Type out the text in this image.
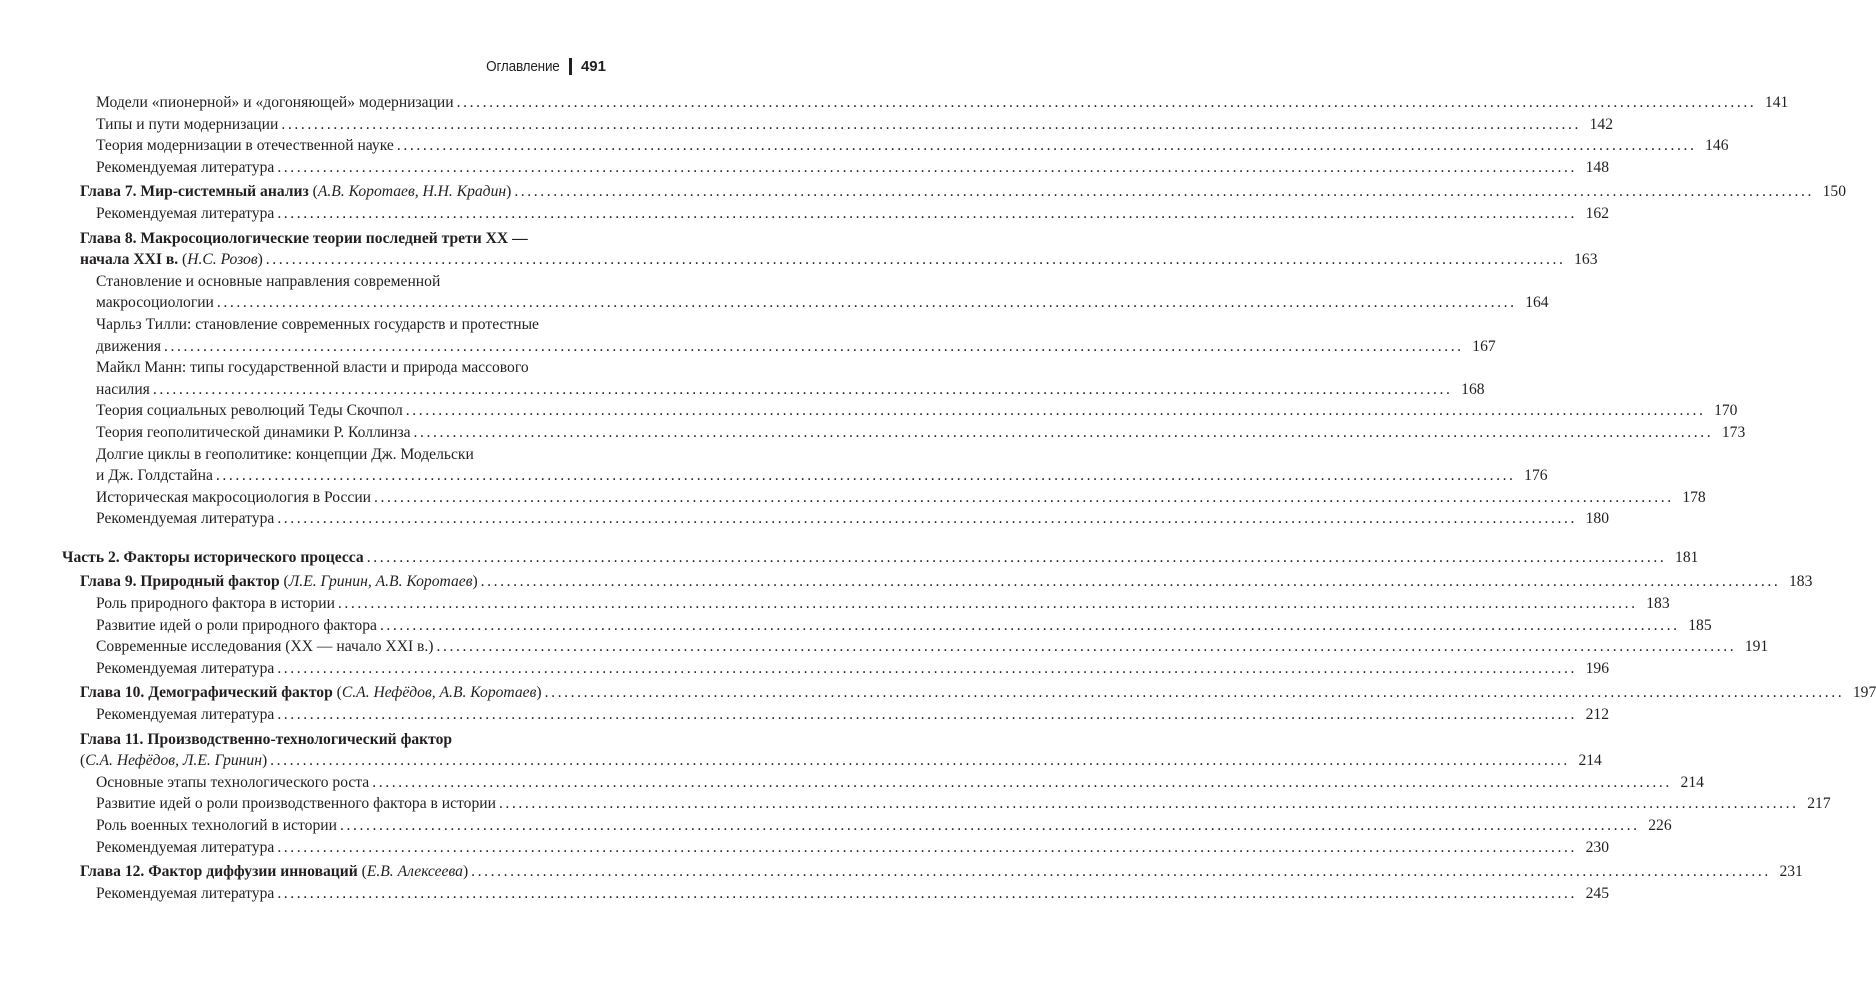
Оглавление 491
Модели «пионерной» и «догоняющей» модернизации ........................................................................................................................................................................................................ 141
Типы и пути модернизации ........................................................................................................................................................................................................ 142
Теория модернизации в отечественной науке ........................................................................................................................................................................................................ 146
Рекомендуемая литература ........................................................................................................................................................................................................ 148
Глава 7. Мир-системный анализ (А.В. Коротаев, Н.Н. Крадин) ........................................................................................................................................................................................................ 150
Рекомендуемая литература ........................................................................................................................................................................................................ 162
Глава 8. Макросоциологические теории последней трети XX —
начала XXI в. (Н.С. Розов) ........................................................................................................................................................................................................ 163
Становление и основные направления современной
макросоциологии ........................................................................................................................................................................................................ 164
Чарльз Тилли: становление современных государств и протестные
движения ........................................................................................................................................................................................................ 167
Майкл Манн: типы государственной власти и природа массового
насилия ........................................................................................................................................................................................................ 168
Теория социальных революций Теды Скочпол ........................................................................................................................................................................................................ 170
Теория геополитической динамики Р. Коллинза ........................................................................................................................................................................................................ 173
Долгие циклы в геополитике: концепции Дж. Модельски
и Дж. Голдстайна ........................................................................................................................................................................................................ 176
Историческая макросоциология в России ........................................................................................................................................................................................................ 178
Рекомендуемая литература ........................................................................................................................................................................................................ 180
Часть 2. Факторы исторического процесса ........................................................................................................................................................................................................ 181
Глава 9. Природный фактор (Л.Е. Гринин, А.В. Коротаев) ........................................................................................................................................................................................................ 183
Роль природного фактора в истории ........................................................................................................................................................................................................ 183
Развитие идей о роли природного фактора ........................................................................................................................................................................................................ 185
Современные исследования (XX — начало XXI в.) ........................................................................................................................................................................................................ 191
Рекомендуемая литература ........................................................................................................................................................................................................ 196
Глава 10. Демографический фактор (С.А. Нефёдов, А.В. Коротаев) ........................................................................................................................................................................................................ 197
Рекомендуемая литература ........................................................................................................................................................................................................ 212
Глава 11. Производственно-технологический фактор
(С.А. Нефёдов, Л.Е. Гринин) ........................................................................................................................................................................................................ 214
Основные этапы технологического роста ........................................................................................................................................................................................................ 214
Развитие идей о роли производственного фактора в истории ........................................................................................................................................................................................................ 217
Роль военных технологий в истории ........................................................................................................................................................................................................ 226
Рекомендуемая литература ........................................................................................................................................................................................................ 230
Глава 12. Фактор диффузии инноваций (Е.В. Алексеева) ........................................................................................................................................................................................................ 231
Рекомендуемая литература ........................................................................................................................................................................................................ 245
